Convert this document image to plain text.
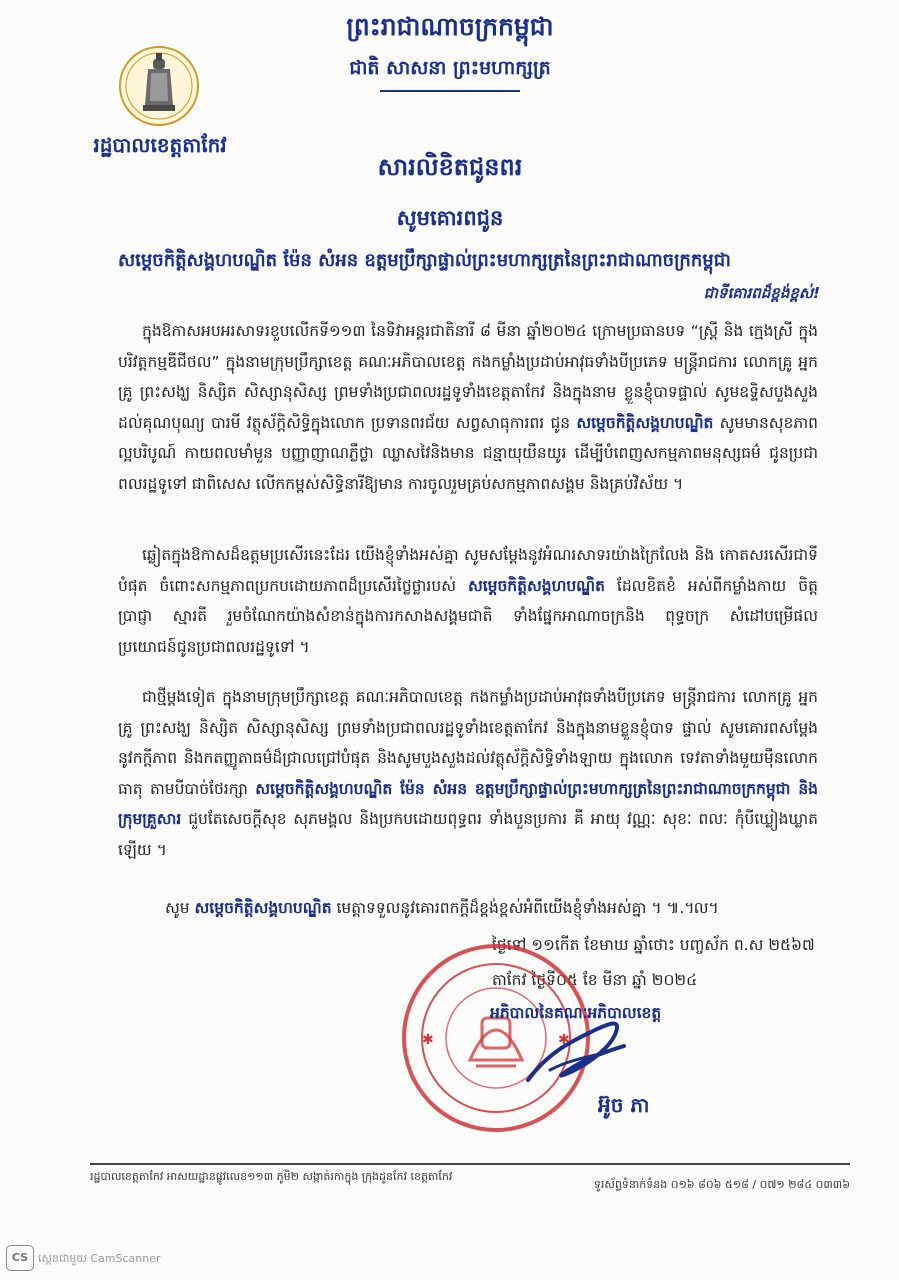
រដ្ឋបាលខេត្តតាកែវ
ព្រះរាជាណាចក្រកម្ពុជា
ជាតិ សាសនា ព្រះមហាក្សត្រ
សារលិខិតជូនពរ
សូមគោរពជូន
សម្តេចកិត្តិសង្គហបណ្ឌិត ម៉ែន សំអន ឧត្តមប្រឹក្សាផ្ទាល់ព្រះមហាក្សត្រនៃព្រះរាជាណាចក្រកម្ពុជា
ជាទីគោរពដ៏ខ្ពង់ខ្ពស់!
ក្នុងឱកាសអបអរសាទរខួបលើកទី១១៣ នៃទិវាអន្តរជាតិនារី ៨ មីនា ឆ្នាំ២០២៤ ក្រោមប្រធានបទ “ស្ត្រី និង ក្មេងស្រី ក្នុងបរិវត្តកម្មឌីជីថល” ក្នុងនាមក្រុមប្រឹក្សាខេត្ត គណៈអភិបាលខេត្ត កងកម្លាំងប្រដាប់អាវុធទាំងបីប្រភេទ មន្ត្រីរាជការ លោកគ្រូ អ្នកគ្រូ ព្រះសង្ឃ និស្សិត សិស្សានុសិស្ស ព្រមទាំងប្រជាពលរដ្ឋទូទាំងខេត្តតាកែវ និងក្នុងនាម ខ្លួនខ្ញុំបាទផ្ទាល់ សូមឧទ្ទិសបួងសួងដល់គុណបុណ្យ បារមី វត្ថុស័ក្តិសិទ្ធិក្នុងលោក ប្រទានពរជ័យ សព្វសាធុការពរ ជូន សម្តេចកិត្តិសង្គហបណ្ឌិត សូមមានសុខភាពល្អបរិបូណ៍ កាយពលមាំមួន បញ្ញាញាណភ្លឺថ្លា ឈ្លាសវៃនិងមាន ជន្មាយុយឺនយូរ ដើម្បីបំពេញសកម្មភាពមនុស្សធម៌ ជូនប្រជាពលរដ្ឋទូទៅ ជាពិសេស លើកកម្ពស់សិទ្ធិនារីឱ្យមាន ការចូលរួមគ្រប់សកម្មភាពសង្គម និងគ្រប់វិស័យ ។
ឆ្លៀតក្នុងឱកាសដ៏ឧត្តមប្រសើរនេះដែរ យើងខ្ញុំទាំងអស់គ្នា សូមសម្តែងនូវអំណរសាទរយ៉ាងក្រៃលែង និង កោតសរសើរជាទីបំផុត ចំពោះសកម្មភាពប្រកបដោយភាពដ៏ប្រសើរថ្លៃថ្លារបស់ សម្តេចកិត្តិសង្គហបណ្ឌិត ដែលខិតខំ អស់ពីកម្លាំងកាយ ចិត្ត ប្រាជ្ញា ស្មារតី រួមចំណែកយ៉ាងសំខាន់ក្នុងការកសាងសង្គមជាតិ ទាំងផ្នែកអាណាចក្រនិង ពុទ្ធចក្រ សំដៅបម្រើផលប្រយោជន៍ជូនប្រជាពលរដ្ឋទូទៅ ។
ជាថ្មីម្តងទៀត ក្នុងនាមក្រុមប្រឹក្សាខេត្ត គណៈអភិបាលខេត្ត កងកម្លាំងប្រដាប់អាវុធទាំងបីប្រភេទ មន្ត្រីរាជការ លោកគ្រូ អ្នកគ្រូ ព្រះសង្ឃ និស្សិត សិស្សានុសិស្ស ព្រមទាំងប្រជាពលរដ្ឋទូទាំងខេត្តតាកែវ និងក្នុងនាមខ្លួនខ្ញុំបាទ ផ្ទាល់ សូមគោរពសម្តែងនូវកក្តីភាព និងកតញ្ញូតាធម៌ដ៏ជ្រាលជ្រៅបំផុត និងសូមបួងសួងដល់វត្ថុស័ក្តិសិទ្ធិទាំងឡាយ ក្នុងលោក ទេវតាទាំងមួយម៉ឺនលោកធាតុ តាមបីបាច់ថែរក្សា សម្តេចកិត្តិសង្គហបណ្ឌិត ម៉ែន សំអន ឧត្តមប្រឹក្សាផ្ទាល់ព្រះមហាក្សត្រនៃព្រះរាជាណាចក្រកម្ពុជា និងក្រុមគ្រួសារ ជួបតែសេចក្តីសុខ សុភមង្គល និងប្រកបដោយពុទ្ធពរ ទាំងបួនប្រការ គឺ អាយុ វណ្ណៈ សុខៈ ពលៈ កុំបីឃ្លៀងឃ្លាតឡើយ ។
សូម សម្តេចកិត្តិសង្គហបណ្ឌិត មេត្តាទទួលនូវគោរពកក្តីដ៏ខ្ពង់ខ្ពស់អំពីយើងខ្ញុំទាំងអស់គ្នា ។ ៕.៘
ថ្ងៃទៅ ១១កើត ខែមាឃ ឆ្នាំថោះ បញ្ចស័ក ព.ស ២៥៦៧
តាកែវ ថ្ងៃទី០៥ ខែ មីនា ឆ្នាំ ២០២៤
✱	✱
អភិបាលនៃគណៈអភិបាលខេត្ត
អ៊ូច ភា
រដ្ឋបាលខេត្តតាកែវ អាសយដ្ឋានផ្លូវលេខ១១៣ ភូមិ២ សង្កាត់រកាក្នុង ក្រុងដូនកែវ ខេត្តតាកែវ
ទូរស័ព្ទទំនាក់ទំនង ០១៦ ៨០៦ ៥១៨ / ០៧១ ២៨៤ ០៣៣៦
CS ស្កេនជាមួយ CamScanner
